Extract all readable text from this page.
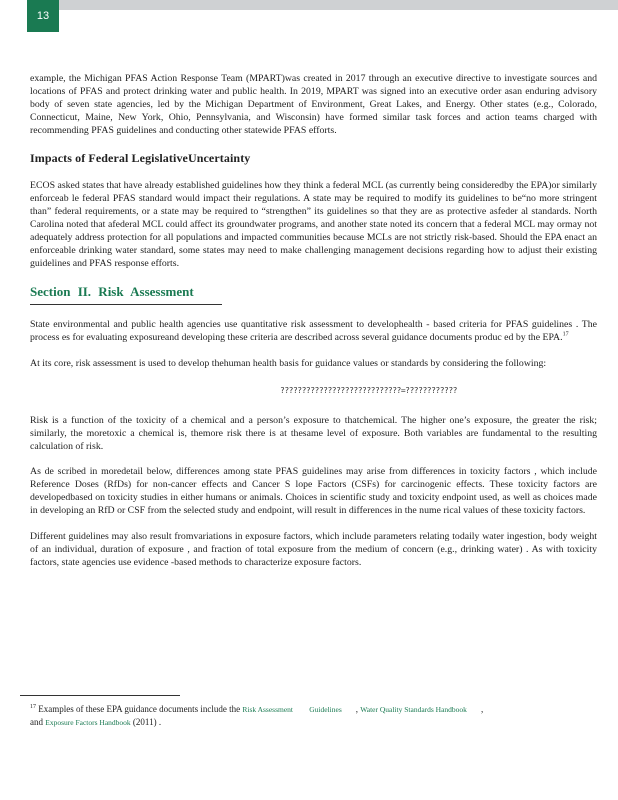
13

example, the Michigan PFAS Action Response Team (MPART)was created in 2017 through an executive directive to investigate sources and locations of PFAS and protect drinking water and public health. In 2019, MPART was signed into an executive order asan enduring advisory body of seven state agencies, led by the Michigan Department of Environment, Great Lakes, and Energy. Other states (e.g., Colorado, Connecticut, Maine, New York, Ohio, Pennsylvania, and Wisconsin) have formed similar task forces and action teams charged with recommending PFAS guidelines and conducting other statewide PFAS efforts.

Impacts of Federal LegislativeUncertainty

ECOS asked states that have already established guidelines how they think a federal MCL (as currently being consideredby the EPA)or similarly enforceab le federal PFAS standard would impact their regulations. A state may be required to modify its guidelines to be“no more stringent than” federal requirements, or a state may be required to “strengthen” its guidelines so that they are as protective asfeder al standards. North Carolina noted that afederal MCL could affect its groundwater programs, and another state noted its concern that a federal MCL may ormay not adequately address protection for all populations and impacted communities because MCLs are not strictly risk-based. Should the EPA enact an enforceable drinking water standard, some states may need to make challenging management decisions regarding how to adjust their existing guidelines and PFAS response efforts.

Section II. Risk Assessment

State environmental and public health agencies use quantitative risk assessment to develophealth - based criteria for PFAS guidelines . The process es for evaluating exposureand developing these criteria are described across several guidance documents produc ed by the EPA.$^{17}$

At its core, risk assessment is used to develop thehuman health basis for guidance values or standards by considering the following:

????????????????????????????=????????????

Risk is a function of the toxicity of a chemical and a person’s exposure to thatchemical. The higher one’s exposure, the greater the risk; similarly, the moretoxic a chemical is, themore risk there is at thesame level of exposure. Both variables are fundamental to the resulting calculation of risk.

As de scribed in moredetail below, differences among state PFAS guidelines may arise from differences in toxicity factors , which include Reference Doses (RfDs) for non-cancer effects and Cancer S lope Factors (CSFs) for carcinogenic effects. These toxicity factors are developedbased on toxicity studies in either humans or animals. Choices in scientific study and toxicity endpoint used, as well as choices made in developing an RfD or CSF from the selected study and endpoint, will result in differences in the nume rical values of these toxicity factors.

Different guidelines may also result fromvariations in exposure factors, which include parameters relating todaily water ingestion, body weight of an individual, duration of exposure , and fraction of total exposure from the medium of concern (e.g., drinking water) . As with toxicity factors, state agencies use evidence -based methods to characterize exposure factors.

$^{17}$ Examples of these EPA guidance documents include the Risk Assessment Guidelines , Water Quality Standards Handbook ,
and Exposure Factors Handbook (2011) .
